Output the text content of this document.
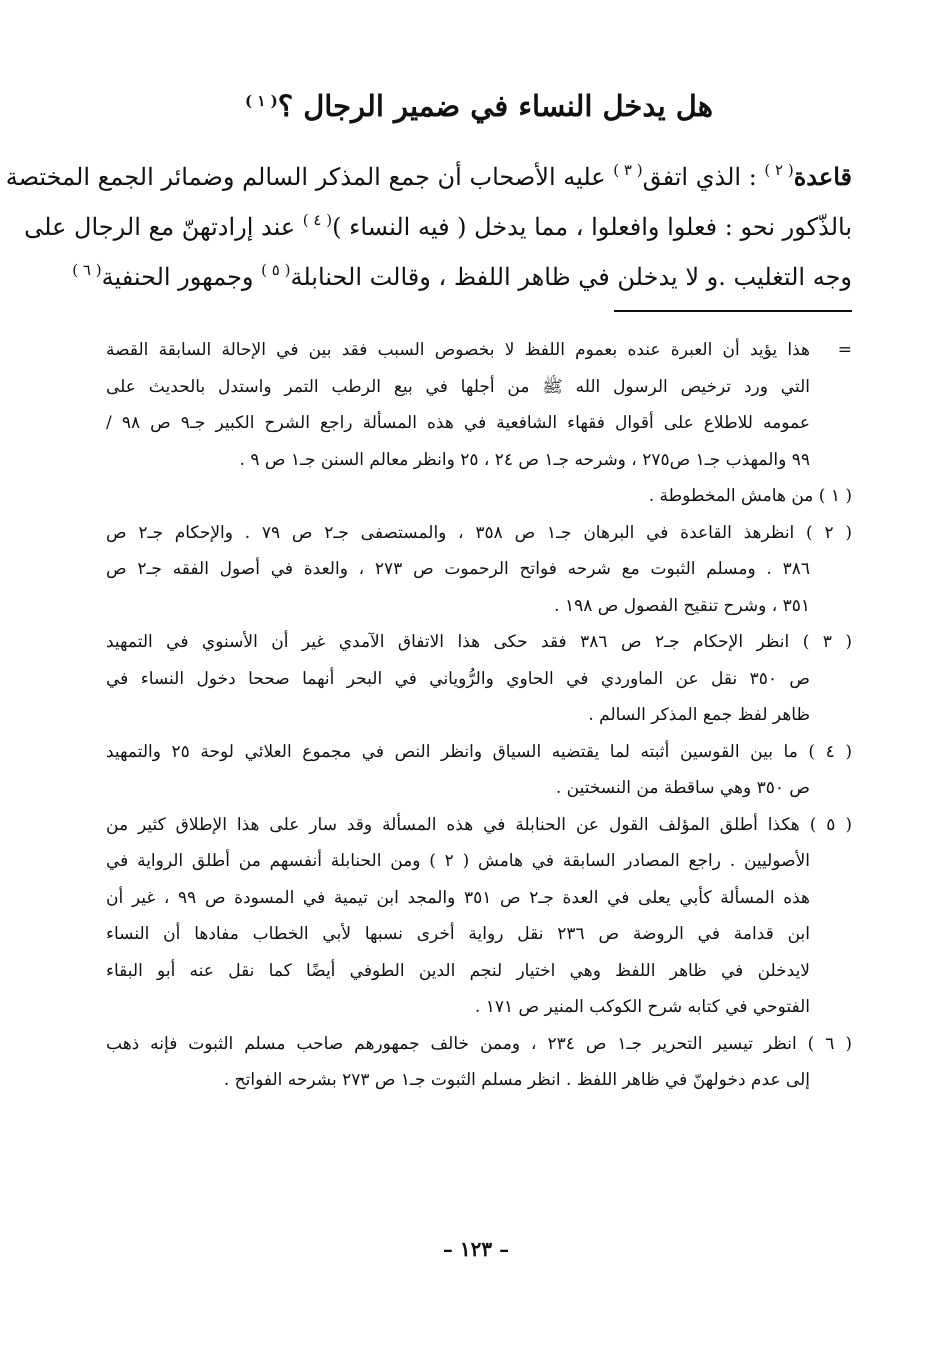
هل يدخل النساء في ضمير الرجال ؟$^{( ١ )}$
قاعدة$^{( ٢ )}$ : الذي اتفق$^{( ٣ )}$ عليه الأصحاب أن جمع المذكر السالم وضمائر الجمع المختصة
بالذّكور نحو : فعلوا وافعلوا ، مما يدخل ( فيه النساء )$^{( ٤ )}$ عند إرادتهنّ مع الرجال على
وجه التغليب .و لا يدخلن في ظاهر اللفظ ، وقالت الحنابلة$^{( ٥ )}$ وجمهور الحنفية$^{( ٦ )}$
=
هذا يؤيد أن العبرة عنده بعموم اللفظ لا بخصوص السبب فقد بين في الإحالة السابقة القصة
التي ورد ترخيص الرسول الله ﷺ من أجلها في بيع الرطب التمر واستدل بالحديث على
عمومه للاطلاع على أقوال فقهاء الشافعية في هذه المسألة راجع الشرح الكبير جـ٩ ص ٩٨ /
٩٩ والمهذب جـ١ ص٢٧٥ ، وشرحه جـ١ ص ٢٤ ، ٢٥ وانظر معالم السنن جـ١ ص ٩ .
( ١ ) من هامش المخطوطة .
( ٢ ) انظرهذ القاعدة في البرهان جـ١ ص ٣٥٨ ، والمستصفى جـ٢ ص ٧٩ . والإحكام جـ٢ ص
٣٨٦ . ومسلم الثبوت مع شرحه فواتح الرحموت ص ٢٧٣ ، والعدة في أصول الفقه جـ٢ ص
٣٥١ ، وشرح تنقيح الفصول ص ١٩٨ .
( ٣ ) انظر الإحكام جـ٢ ص ٣٨٦ فقد حكى هذا الاتفاق الآمدي غير أن الأسنوي في التمهيد
ص ٣٥٠ نقل عن الماوردي في الحاوي والرُّوياني في البحر أنهما صححا دخول النساء في
ظاهر لفظ جمع المذكر السالم .
( ٤ ) ما بين القوسين أثبته لما يقتضيه السياق وانظر النص في مجموع العلائي لوحة ٢٥ والتمهيد
ص ٣٥٠ وهي ساقطة من النسختين .
( ٥ ) هكذا أطلق المؤلف القول عن الحنابلة في هذه المسألة وقد سار على هذا الإطلاق كثير من
الأصوليين . راجع المصادر السابقة في هامش ( ٢ ) ومن الحنابلة أنفسهم من أطلق الرواية في
هذه المسألة كأبي يعلى في العدة جـ٢ ص ٣٥١ والمجد ابن تيمية في المسودة ص ٩٩ ، غير أن
ابن قدامة في الروضة ص ٢٣٦ نقل رواية أخرى نسبها لأبي الخطاب مفادها أن النساء
لايدخلن في ظاهر اللفظ وهي اختيار لنجم الدين الطوفي أيضًا كما نقل عنه أبو البقاء
الفتوحي في كتابه شرح الكوكب المنير ص ١٧١ .
( ٦ ) انظر تيسير التحرير جـ١ ص ٢٣٤ ، وممن خالف جمهورهم صاحب مسلم الثبوت فإنه ذهب
إلى عدم دخولهنّ في ظاهر اللفظ . انظر مسلم الثبوت جـ١ ص ٢٧٣ بشرحه الفواتح .
– ١٢٣ –
